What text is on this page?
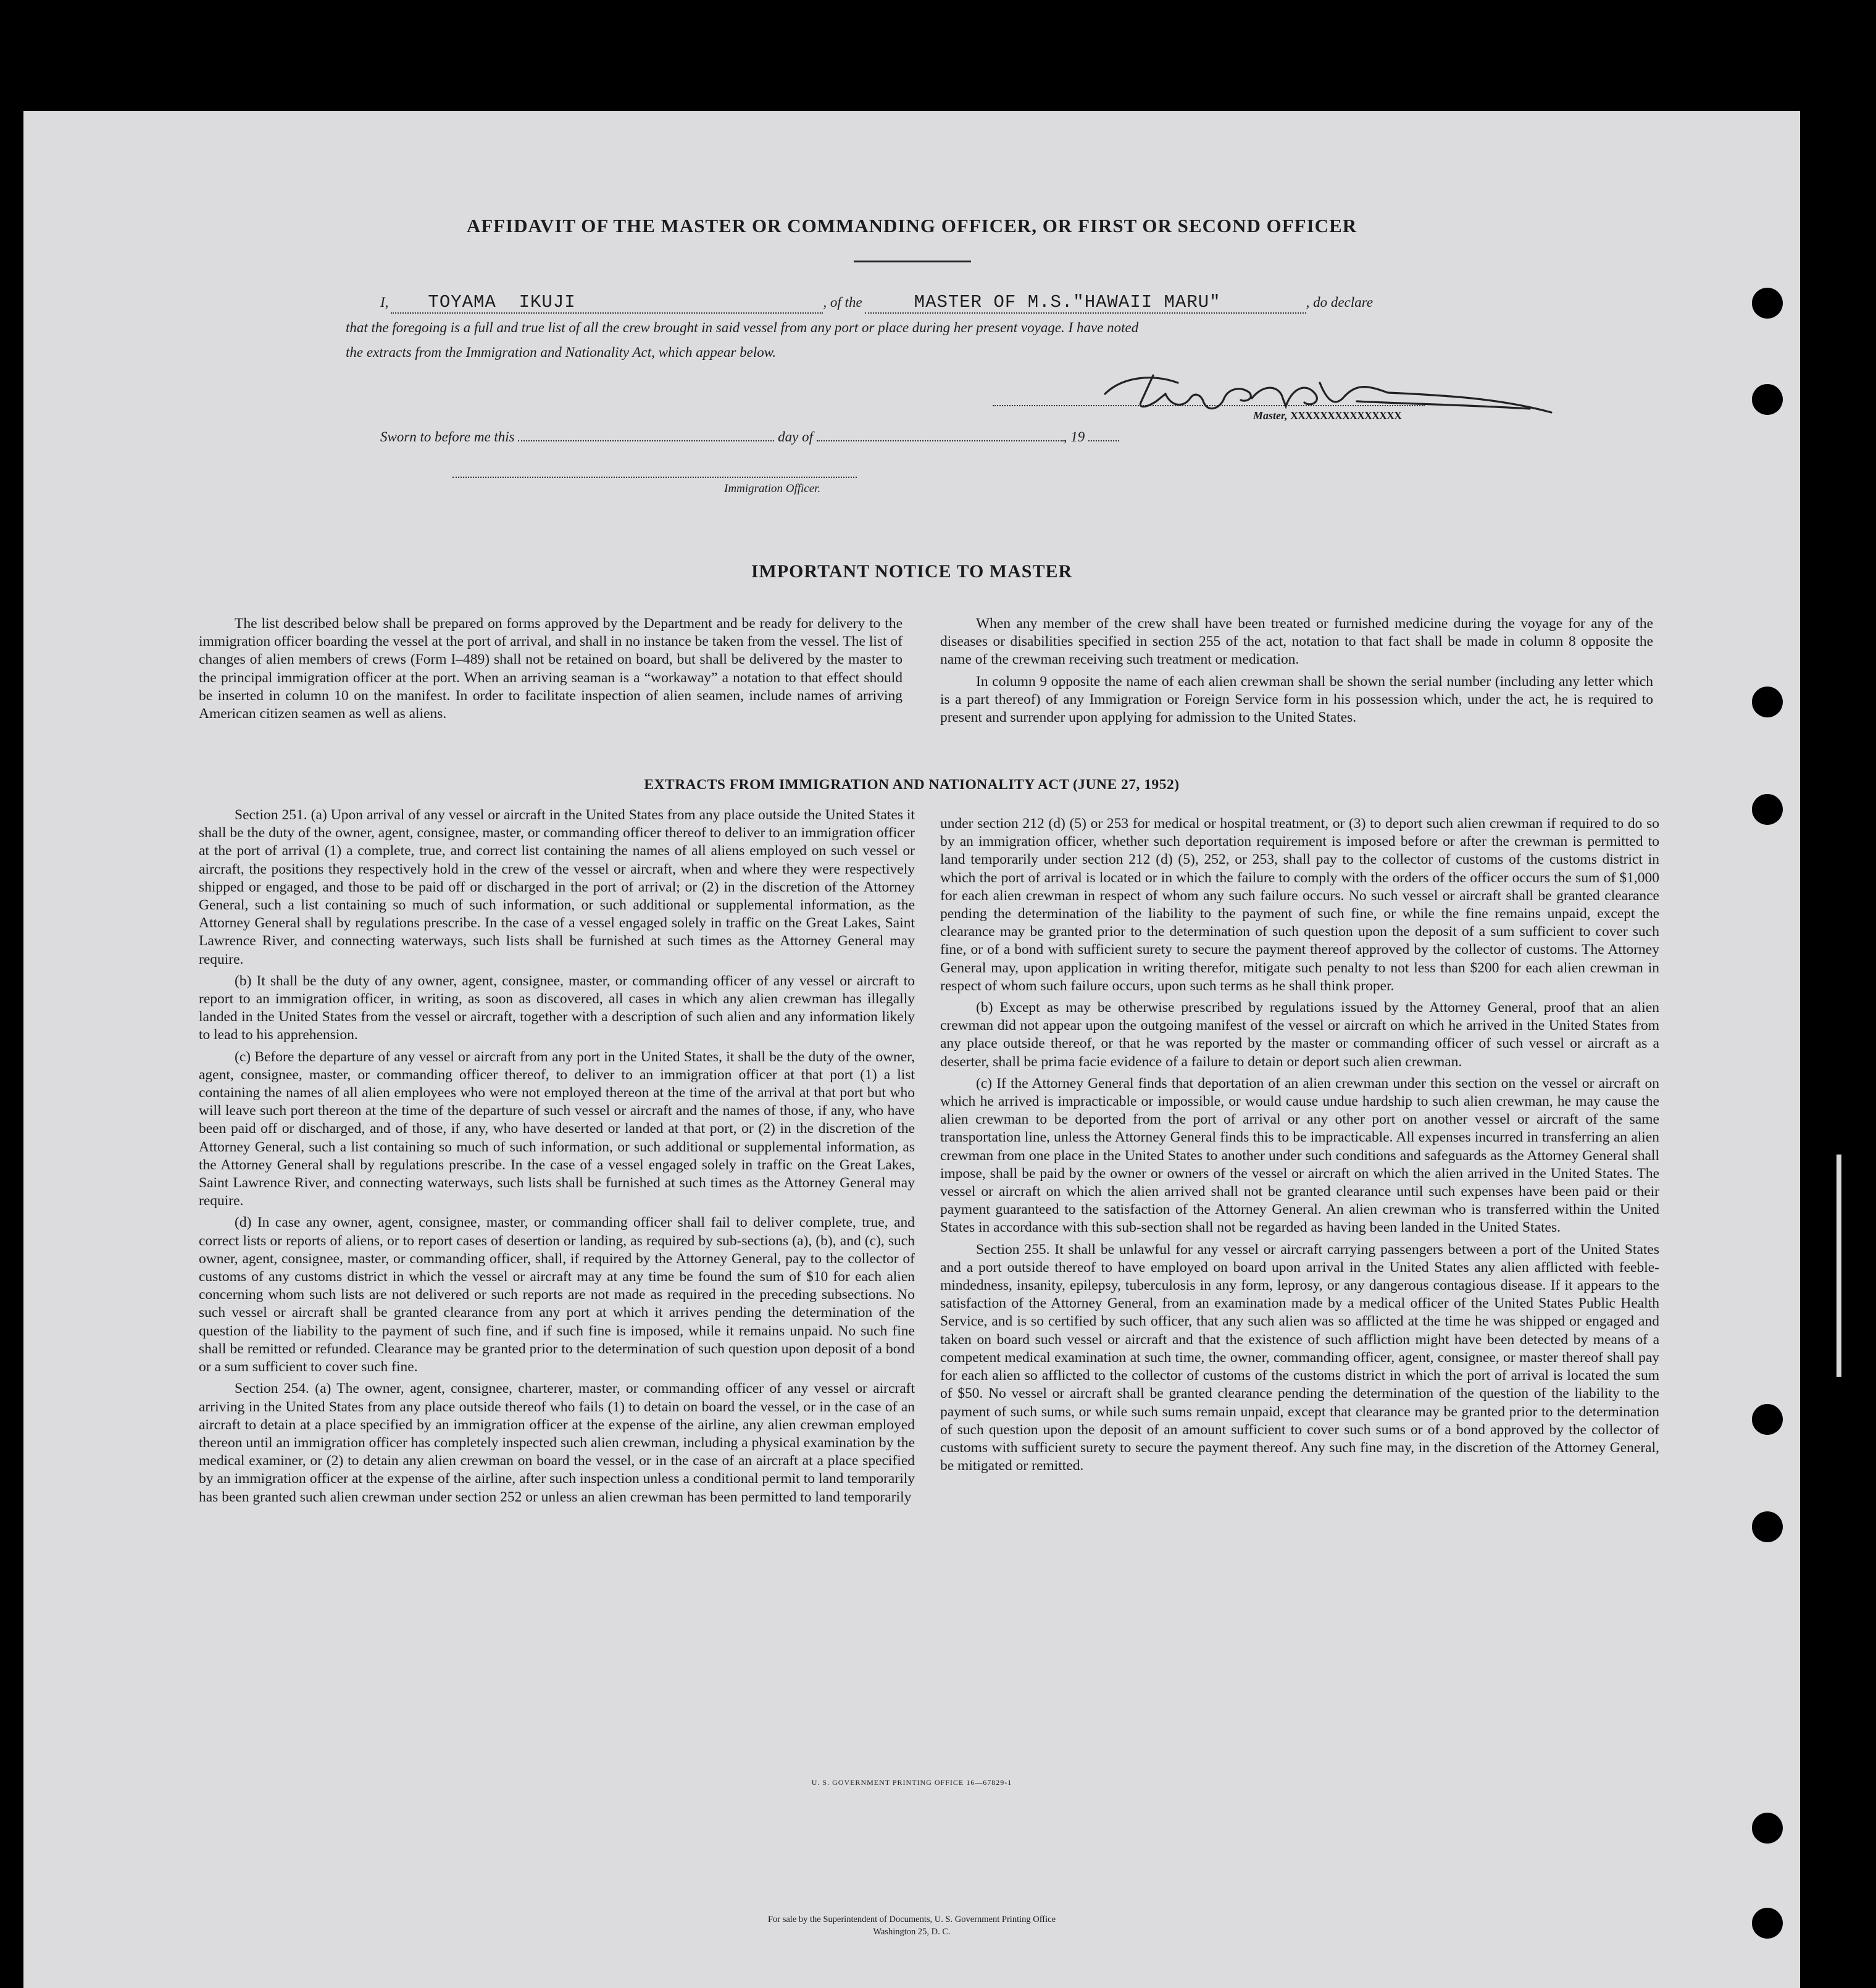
AFFIDAVIT OF THE MASTER OR COMMANDING OFFICER, OR FIRST OR SECOND OFFICER
I, TOYAMA  IKUJI	, of the	MASTER OF M.S."HAWAII MARU"	, do declare
that the foregoing is a full and true list of all the crew brought in said vessel from any port or place during her present voyage. I have noted
the extracts from the Immigration and Nationality Act, which appear below.
Master, XXXXXXXXXXXXXXX
Sworn to before me this	day of	, 19
Immigration Officer.
IMPORTANT NOTICE TO MASTER

The list described below shall be prepared on forms approved by the Department and be ready for delivery to the immigration officer boarding the vessel at the port of arrival, and shall in no instance be taken from the vessel. The list of changes of alien members of crews (Form I–489) shall not be retained on board, but shall be delivered by the master to the principal immigration officer at the port. When an arriving seaman is a “workaway” a notation to that effect should be inserted in column 10 on the manifest. In order to facilitate inspection of alien seamen, include names of arriving American citizen seamen as well as aliens.

When any member of the crew shall have been treated or furnished medicine during the voyage for any of the diseases or disabilities specified in section 255 of the act, notation to that fact shall be made in column 8 opposite the name of the crewman receiving such treatment or medication.

In column 9 opposite the name of each alien crewman shall be shown the serial number (including any letter which is a part thereof) of any Immigration or Foreign Service form in his possession which, under the act, he is required to present and surrender upon applying for admission to the United States.

EXTRACTS FROM IMMIGRATION AND NATIONALITY ACT (JUNE 27, 1952)

Section 251. (a) Upon arrival of any vessel or aircraft in the United States from any place outside the United States it shall be the duty of the owner, agent, consignee, master, or commanding officer thereof to deliver to an immigration officer at the port of arrival (1) a complete, true, and correct list containing the names of all aliens employed on such vessel or aircraft, the positions they respectively hold in the crew of the vessel or aircraft, when and where they were respectively shipped or engaged, and those to be paid off or discharged in the port of arrival; or (2) in the discretion of the Attorney General, such a list containing so much of such information, or such additional or supplemental information, as the Attorney General shall by regulations prescribe. In the case of a vessel engaged solely in traffic on the Great Lakes, Saint Lawrence River, and connecting waterways, such lists shall be furnished at such times as the Attorney General may require.

(b) It shall be the duty of any owner, agent, consignee, master, or commanding officer of any vessel or aircraft to report to an immigration officer, in writing, as soon as discovered, all cases in which any alien crewman has illegally landed in the United States from the vessel or aircraft, together with a description of such alien and any information likely to lead to his apprehension.

(c) Before the departure of any vessel or aircraft from any port in the United States, it shall be the duty of the owner, agent, consignee, master, or commanding officer thereof, to deliver to an immigration officer at that port (1) a list containing the names of all alien employees who were not employed thereon at the time of the arrival at that port but who will leave such port thereon at the time of the departure of such vessel or aircraft and the names of those, if any, who have been paid off or discharged, and of those, if any, who have deserted or landed at that port, or (2) in the discretion of the Attorney General, such a list containing so much of such information, or such additional or supplemental information, as the Attorney General shall by regulations prescribe. In the case of a vessel engaged solely in traffic on the Great Lakes, Saint Lawrence River, and connecting waterways, such lists shall be furnished at such times as the Attorney General may require.

(d) In case any owner, agent, consignee, master, or commanding officer shall fail to deliver complete, true, and correct lists or reports of aliens, or to report cases of desertion or landing, as required by sub-sections (a), (b), and (c), such owner, agent, consignee, master, or commanding officer, shall, if required by the Attorney General, pay to the collector of customs of any customs district in which the vessel or aircraft may at any time be found the sum of $10 for each alien concerning whom such lists are not delivered or such reports are not made as required in the preceding subsections. No such vessel or aircraft shall be granted clearance from any port at which it arrives pending the determination of the question of the liability to the payment of such fine, and if such fine is imposed, while it remains unpaid. No such fine shall be remitted or refunded. Clearance may be granted prior to the determination of such question upon deposit of a bond or a sum sufficient to cover such fine.

Section 254. (a) The owner, agent, consignee, charterer, master, or commanding officer of any vessel or aircraft arriving in the United States from any place outside thereof who fails (1) to detain on board the vessel, or in the case of an aircraft to detain at a place specified by an immigration officer at the expense of the airline, any alien crewman employed thereon until an immigration officer has completely inspected such alien crewman, including a physical examination by the medical examiner, or (2) to detain any alien crewman on board the vessel, or in the case of an aircraft at a place specified by an immigration officer at the expense of the airline, after such inspection unless a conditional permit to land temporarily has been granted such alien crewman under section 252 or unless an alien crewman has been permitted to land temporarily

under section 212 (d) (5) or 253 for medical or hospital treatment, or (3) to deport such alien crewman if required to do so by an immigration officer, whether such deportation requirement is imposed before or after the crewman is permitted to land temporarily under section 212 (d) (5), 252, or 253, shall pay to the collector of customs of the customs district in which the port of arrival is located or in which the failure to comply with the orders of the officer occurs the sum of $1,000 for each alien crewman in respect of whom any such failure occurs. No such vessel or aircraft shall be granted clearance pending the determination of the liability to the payment of such fine, or while the fine remains unpaid, except the clearance may be granted prior to the determination of such question upon the deposit of a sum sufficient to cover such fine, or of a bond with sufficient surety to secure the payment thereof approved by the collector of customs. The Attorney General may, upon application in writing therefor, mitigate such penalty to not less than $200 for each alien crewman in respect of whom such failure occurs, upon such terms as he shall think proper.

(b) Except as may be otherwise prescribed by regulations issued by the Attorney General, proof that an alien crewman did not appear upon the outgoing manifest of the vessel or aircraft on which he arrived in the United States from any place outside thereof, or that he was reported by the master or commanding officer of such vessel or aircraft as a deserter, shall be prima facie evidence of a failure to detain or deport such alien crewman.

(c) If the Attorney General finds that deportation of an alien crewman under this section on the vessel or aircraft on which he arrived is impracticable or impossible, or would cause undue hardship to such alien crewman, he may cause the alien crewman to be deported from the port of arrival or any other port on another vessel or aircraft of the same transportation line, unless the Attorney General finds this to be impracticable. All expenses incurred in transferring an alien crewman from one place in the United States to another under such conditions and safeguards as the Attorney General shall impose, shall be paid by the owner or owners of the vessel or aircraft on which the alien arrived in the United States. The vessel or aircraft on which the alien arrived shall not be granted clearance until such expenses have been paid or their payment guaranteed to the satisfaction of the Attorney General. An alien crewman who is transferred within the United States in accordance with this sub-section shall not be regarded as having been landed in the United States.

Section 255. It shall be unlawful for any vessel or aircraft carrying passengers between a port of the United States and a port outside thereof to have employed on board upon arrival in the United States any alien afflicted with feeble-mindedness, insanity, epilepsy, tuberculosis in any form, leprosy, or any dangerous contagious disease. If it appears to the satisfaction of the Attorney General, from an examination made by a medical officer of the United States Public Health Service, and is so certified by such officer, that any such alien was so afflicted at the time he was shipped or engaged and taken on board such vessel or aircraft and that the existence of such affliction might have been detected by means of a competent medical examination at such time, the owner, commanding officer, agent, consignee, or master thereof shall pay for each alien so afflicted to the collector of customs of the customs district in which the port of arrival is located the sum of $50. No vessel or aircraft shall be granted clearance pending the determination of the question of the liability to the payment of such sums, or while such sums remain unpaid, except that clearance may be granted prior to the determination of such question upon the deposit of an amount sufficient to cover such sums or of a bond approved by the collector of customs with sufficient surety to secure the payment thereof. Any such fine may, in the discretion of the Attorney General, be mitigated or remitted.

U. S. GOVERNMENT PRINTING OFFICE 16—67829-1
For sale by the Superintendent of Documents, U. S. Government Printing Office
Washington 25, D. C.
